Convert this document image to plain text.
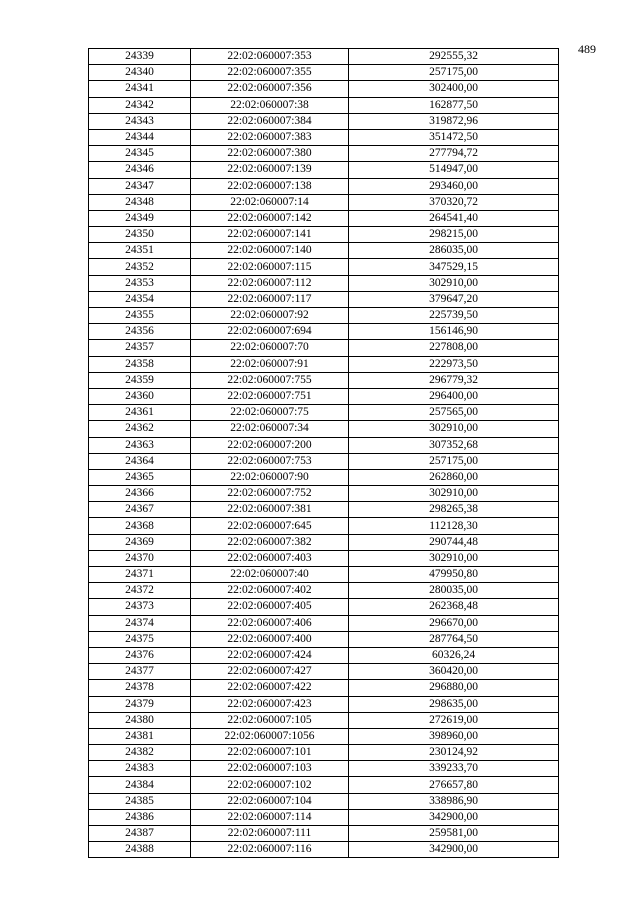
489
24339	22:02:060007:353	292555,32
24340	22:02:060007:355	257175,00
24341	22:02:060007:356	302400,00
24342	22:02:060007:38	162877,50
24343	22:02:060007:384	319872,96
24344	22:02:060007:383	351472,50
24345	22:02:060007:380	277794,72
24346	22:02:060007:139	514947,00
24347	22:02:060007:138	293460,00
24348	22:02:060007:14	370320,72
24349	22:02:060007:142	264541,40
24350	22:02:060007:141	298215,00
24351	22:02:060007:140	286035,00
24352	22:02:060007:115	347529,15
24353	22:02:060007:112	302910,00
24354	22:02:060007:117	379647,20
24355	22:02:060007:92	225739,50
24356	22:02:060007:694	156146,90
24357	22:02:060007:70	227808,00
24358	22:02:060007:91	222973,50
24359	22:02:060007:755	296779,32
24360	22:02:060007:751	296400,00
24361	22:02:060007:75	257565,00
24362	22:02:060007:34	302910,00
24363	22:02:060007:200	307352,68
24364	22:02:060007:753	257175,00
24365	22:02:060007:90	262860,00
24366	22:02:060007:752	302910,00
24367	22:02:060007:381	298265,38
24368	22:02:060007:645	112128,30
24369	22:02:060007:382	290744,48
24370	22:02:060007:403	302910,00
24371	22:02:060007:40	479950,80
24372	22:02:060007:402	280035,00
24373	22:02:060007:405	262368,48
24374	22:02:060007:406	296670,00
24375	22:02:060007:400	287764,50
24376	22:02:060007:424	60326,24
24377	22:02:060007:427	360420,00
24378	22:02:060007:422	296880,00
24379	22:02:060007:423	298635,00
24380	22:02:060007:105	272619,00
24381	22:02:060007:1056	398960,00
24382	22:02:060007:101	230124,92
24383	22:02:060007:103	339233,70
24384	22:02:060007:102	276657,80
24385	22:02:060007:104	338986,90
24386	22:02:060007:114	342900,00
24387	22:02:060007:111	259581,00
24388	22:02:060007:116	342900,00
